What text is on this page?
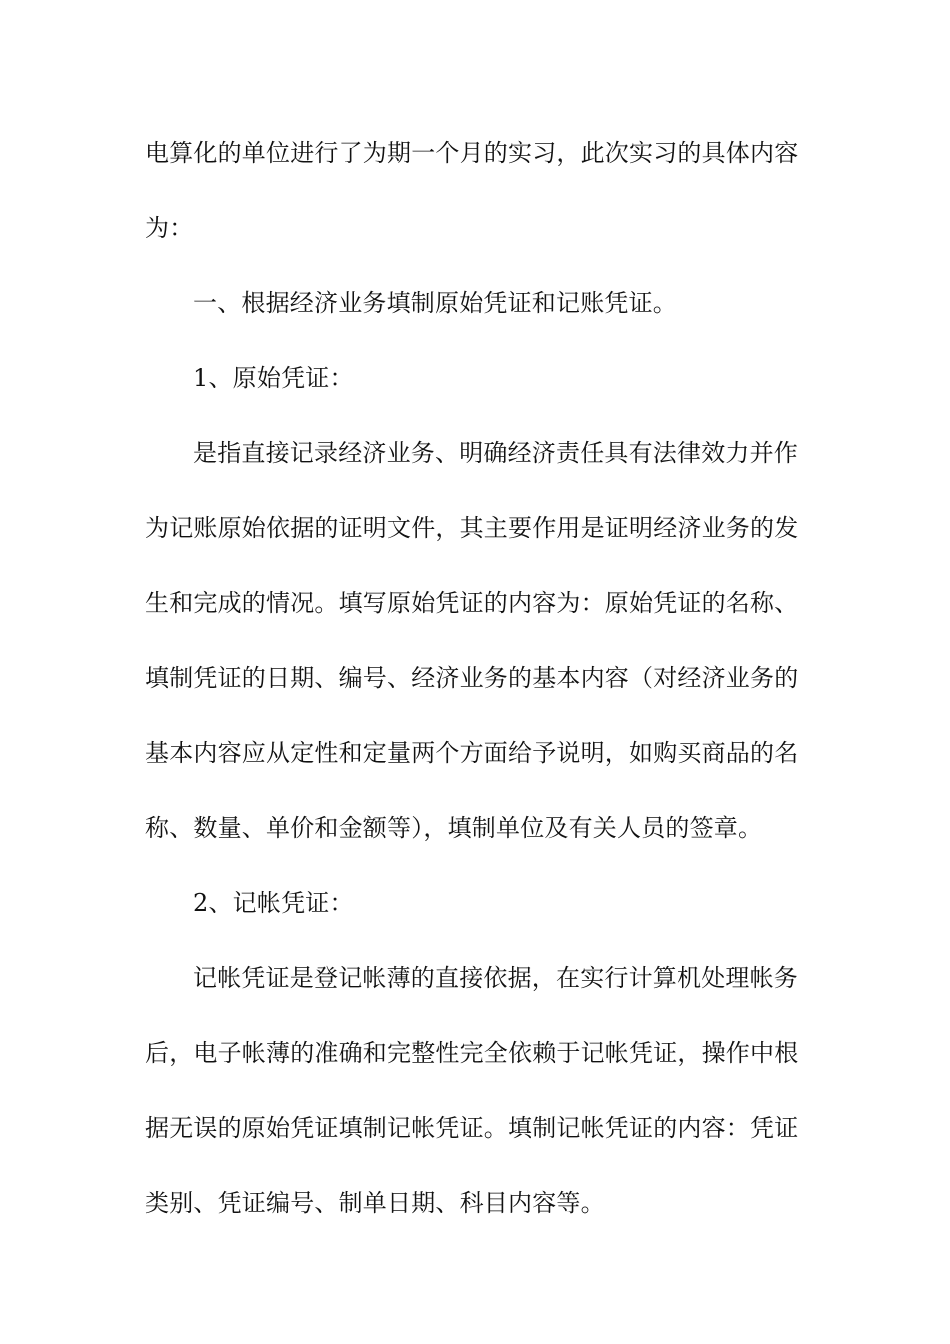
电算化的单位进行了为期一个月的实习，此次实习的具体内容
为：
一、根据经济业务填制原始凭证和记账凭证。
1、原始凭证：
是指直接记录经济业务、明确经济责任具有法律效力并作
为记账原始依据的证明文件，其主要作用是证明经济业务的发
生和完成的情况。填写原始凭证的内容为：原始凭证的名称、
填制凭证的日期、编号、经济业务的基本内容（对经济业务的
基本内容应从定性和定量两个方面给予说明，如购买商品的名
称、数量、单价和金额等），填制单位及有关人员的签章。
2、记帐凭证：
记帐凭证是登记帐薄的直接依据，在实行计算机处理帐务
后，电子帐薄的准确和完整性完全依赖于记帐凭证，操作中根
据无误的原始凭证填制记帐凭证。填制记帐凭证的内容：凭证
类别、凭证编号、制单日期、科目内容等。
